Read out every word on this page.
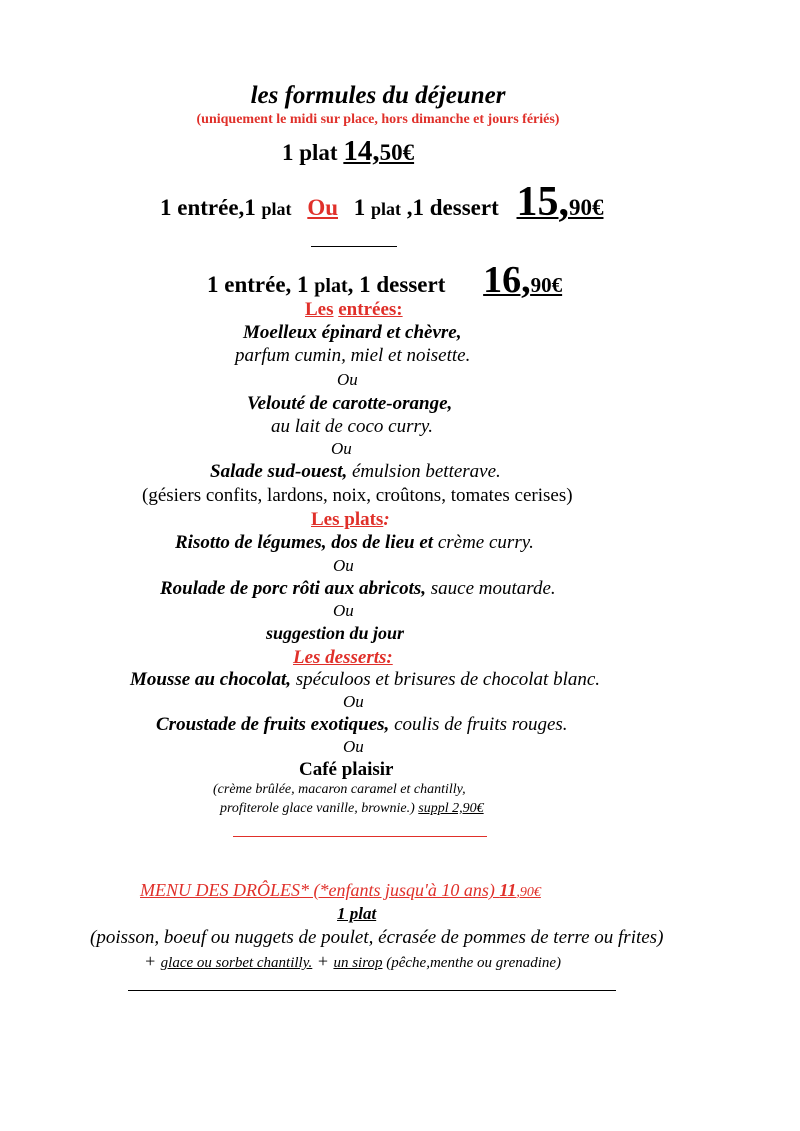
les formules du déjeuner
(uniquement le midi sur place, hors dimanche et jours fériés)
1 plat 14,50€
1 entrée,1 plat Ou 1 plat ,1 dessert 15,90€
1 entrée, 1 plat, 1 dessert 16,90€
Les entrées:
Moelleux épinard et chèvre,
parfum cumin, miel et noisette.
Ou
Velouté de carotte-orange,
au lait de coco curry.
Ou
Salade sud-ouest, émulsion betterave.
(gésiers confits, lardons, noix, croûtons, tomates cerises)
Les plats:
Risotto de légumes, dos de lieu et crème curry.
Ou
Roulade de porc rôti aux abricots, sauce moutarde.
Ou
suggestion du jour
Les desserts:
Mousse au chocolat, spéculoos et brisures de chocolat blanc.
Ou
Croustade de fruits exotiques, coulis de fruits rouges.
Ou
Café plaisir
(crème brûlée, macaron caramel et chantilly,
profiterole glace vanille, brownie.) suppl 2,90€
MENU DES DRÔLES* (*enfants jusqu'à 10 ans) 11,90€
1 plat
(poisson, boeuf ou nuggets de poulet, écrasée de pommes de terre ou frites)
+ glace ou sorbet chantilly. + un sirop (pêche,menthe ou grenadine)
